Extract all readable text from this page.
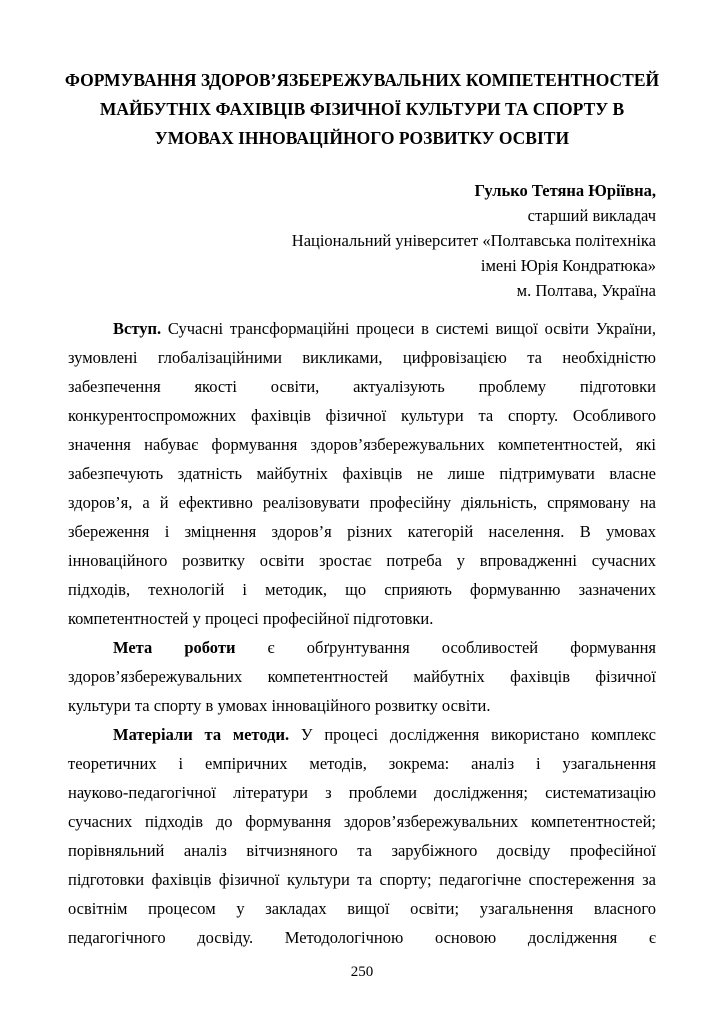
ФОРМУВАННЯ ЗДОРОВ’ЯЗБЕРЕЖУВАЛЬНИХ КОМПЕТЕНТНОСТЕЙ
МАЙБУТНІХ ФАХІВЦІВ ФІЗИЧНОЇ КУЛЬТУРИ ТА СПОРТУ В
УМОВАХ ІННОВАЦІЙНОГО РОЗВИТКУ ОСВІТИ
Гулько Тетяна Юріївна,
старший викладач
Національний університет «Полтавська політехніка
імені Юрія Кондратюка»
м. Полтава, Україна
Вступ. Сучасні трансформаційні процеси в системі вищої освіти України,
зумовлені глобалізаційними викликами, цифровізацією та необхідністю
забезпечення якості освіти, актуалізують проблему підготовки
конкурентоспроможних фахівців фізичної культури та спорту. Особливого
значення набуває формування здоров’язбережувальних компетентностей, які
забезпечують здатність майбутніх фахівців не лише підтримувати власне
здоров’я, а й ефективно реалізовувати професійну діяльність, спрямовану на
збереження і зміцнення здоров’я різних категорій населення. В умовах
інноваційного розвитку освіти зростає потреба у впровадженні сучасних
підходів, технологій і методик, що сприяють формуванню зазначених
компетентностей у процесі професійної підготовки.
Мета роботи є обґрунтування особливостей формування
здоров’язбережувальних компетентностей майбутніх фахівців фізичної
культури та спорту в умовах інноваційного розвитку освіти.
Матеріали та методи. У процесі дослідження використано комплекс
теоретичних і емпіричних методів, зокрема: аналіз і узагальнення
науково-педагогічної літератури з проблеми дослідження; систематизацію
сучасних підходів до формування здоров’язбережувальних компетентностей;
порівняльний аналіз вітчизняного та зарубіжного досвіду професійної
підготовки фахівців фізичної культури та спорту; педагогічне спостереження за
освітнім процесом у закладах вищої освіти; узагальнення власного
педагогічного досвіду. Методологічною основою дослідження є
250
